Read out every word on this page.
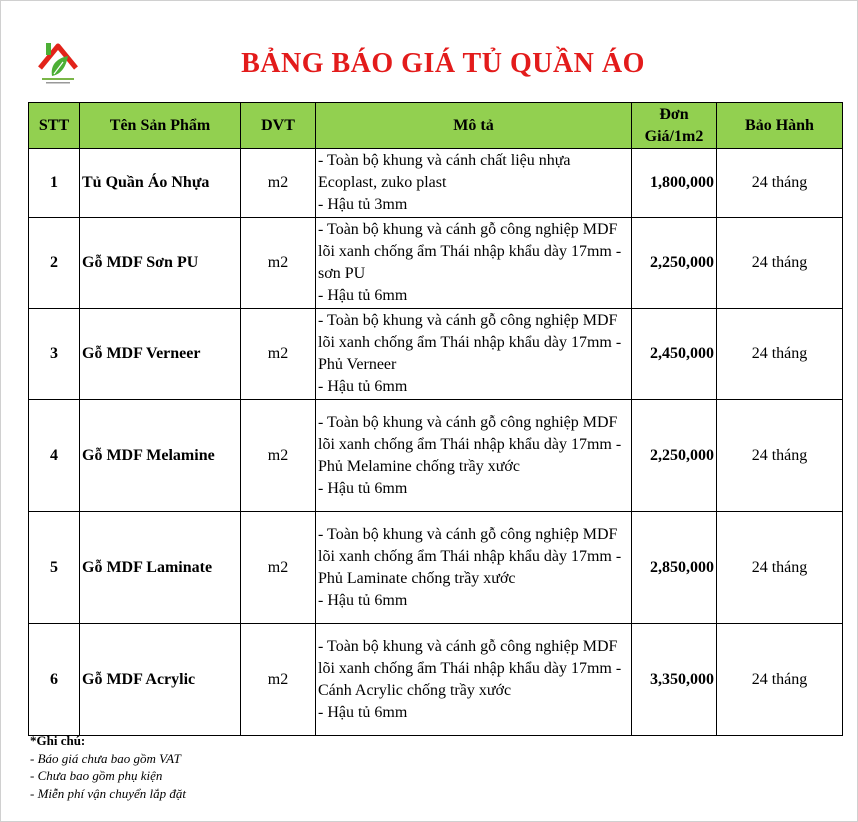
BẢNG BÁO GIÁ TỦ QUẦN ÁO
STT	Tên Sản Phẩm	DVT	Mô tả	Đơn Giá/1m2	Bảo Hành
1	Tủ Quần Áo Nhựa	m2	- Toàn bộ khung và cánh chất liệu nhựa Ecoplast, zuko plast
- Hậu tủ 3mm	1,800,000	24 tháng
2	Gỗ MDF Sơn PU	m2	- Toàn bộ khung và cánh gỗ công nghiệp MDF lõi xanh chống ẩm Thái nhập khẩu dày 17mm - sơn PU
- Hậu tủ 6mm	2,250,000	24 tháng
3	Gỗ MDF Verneer	m2	- Toàn bộ khung và cánh gỗ công nghiệp MDF lõi xanh chống ẩm Thái nhập khẩu dày 17mm - Phủ Verneer
- Hậu tủ 6mm	2,450,000	24 tháng
4	Gỗ MDF Melamine	m2	- Toàn bộ khung và cánh gỗ công nghiệp MDF lõi xanh chống ẩm Thái nhập khẩu dày 17mm - Phủ Melamine chống trầy xước
- Hậu tủ 6mm	2,250,000	24 tháng
5	Gỗ MDF Laminate	m2	- Toàn bộ khung và cánh gỗ công nghiệp MDF lõi xanh chống ẩm Thái nhập khẩu dày 17mm - Phủ Laminate chống trầy xước
- Hậu tủ 6mm	2,850,000	24 tháng
6	Gỗ MDF Acrylic	m2	- Toàn bộ khung và cánh gỗ công nghiệp MDF lõi xanh chống ẩm Thái nhập khẩu dày 17mm - Cánh Acrylic chống trầy xước
- Hậu tủ 6mm	3,350,000	24 tháng
*Ghi chú:
- Báo giá chưa bao gồm VAT
- Chưa bao gồm phụ kiện
- Miễn phí vận chuyển lắp đặt
